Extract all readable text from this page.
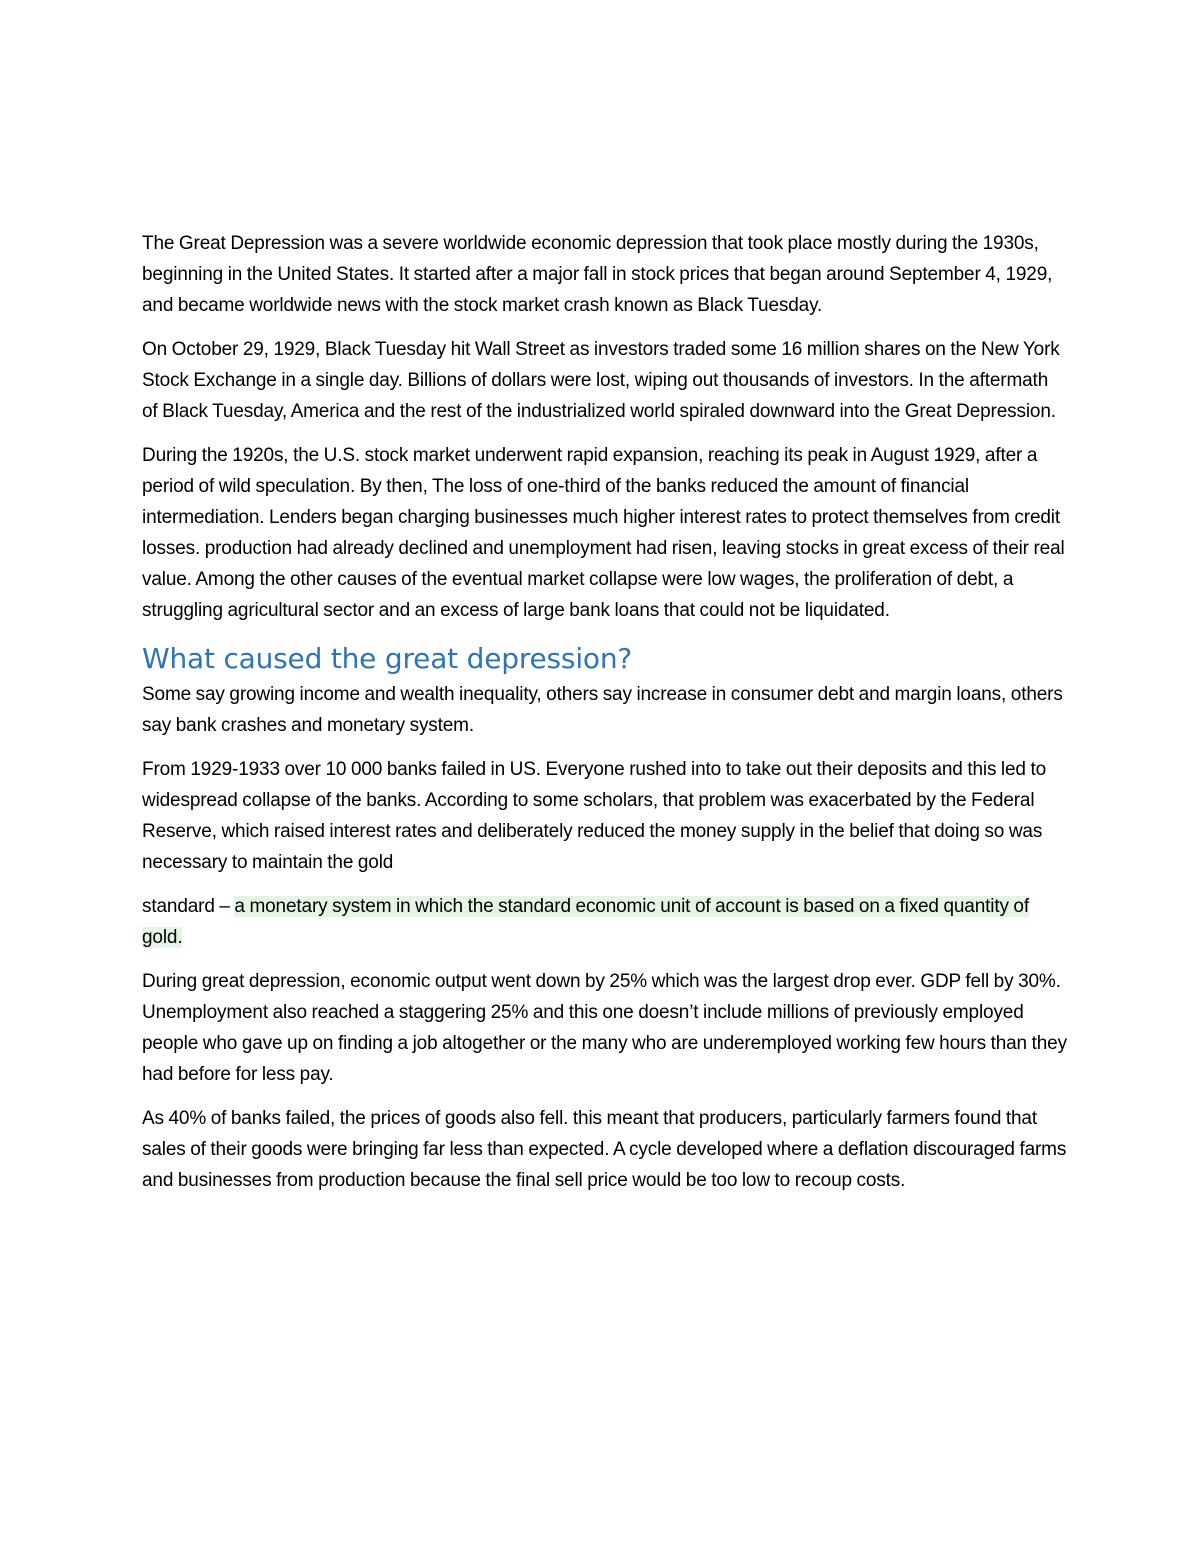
The Great Depression was a severe worldwide economic depression that took place mostly during the 1930s, beginning in the United States. It started after a major fall in stock prices that began around September 4, 1929, and became worldwide news with the stock market crash known as Black Tuesday.

On October 29, 1929, Black Tuesday hit Wall Street as investors traded some 16 million shares on the New York Stock Exchange in a single day. Billions of dollars were lost, wiping out thousands of investors. In the aftermath of Black Tuesday, America and the rest of the industrialized world spiraled downward into the Great Depression.

During the 1920s, the U.S. stock market underwent rapid expansion, reaching its peak in August 1929, after a period of wild speculation. By then, The loss of one-third of the banks reduced the amount of financial intermediation. Lenders began charging businesses much higher interest rates to protect themselves from credit losses. production had already declined and unemployment had risen, leaving stocks in great excess of their real value. Among the other causes of the eventual market collapse were low wages, the proliferation of debt, a struggling agricultural sector and an excess of large bank loans that could not be liquidated.

What caused the great depression?

Some say growing income and wealth inequality, others say increase in consumer debt and margin loans, others say bank crashes and monetary system.

From 1929-1933 over 10 000 banks failed in US. Everyone rushed into to take out their deposits and this led to widespread collapse of the banks. According to some scholars, that problem was exacerbated by the Federal Reserve, which raised interest rates and deliberately reduced the money supply in the belief that doing so was necessary to maintain the gold

standard – a monetary system in which the standard economic unit of account is based on a fixed quantity of gold.

During great depression, economic output went down by 25% which was the largest drop ever. GDP fell by 30%. Unemployment also reached a staggering 25% and this one doesn’t include millions of previously employed people who gave up on finding a job altogether or the many who are underemployed working few hours than they had before for less pay.

As 40% of banks failed, the prices of goods also fell. this meant that producers, particularly farmers found that sales of their goods were bringing far less than expected. A cycle developed where a deflation discouraged farms and businesses from production because the final sell price would be too low to recoup costs.
